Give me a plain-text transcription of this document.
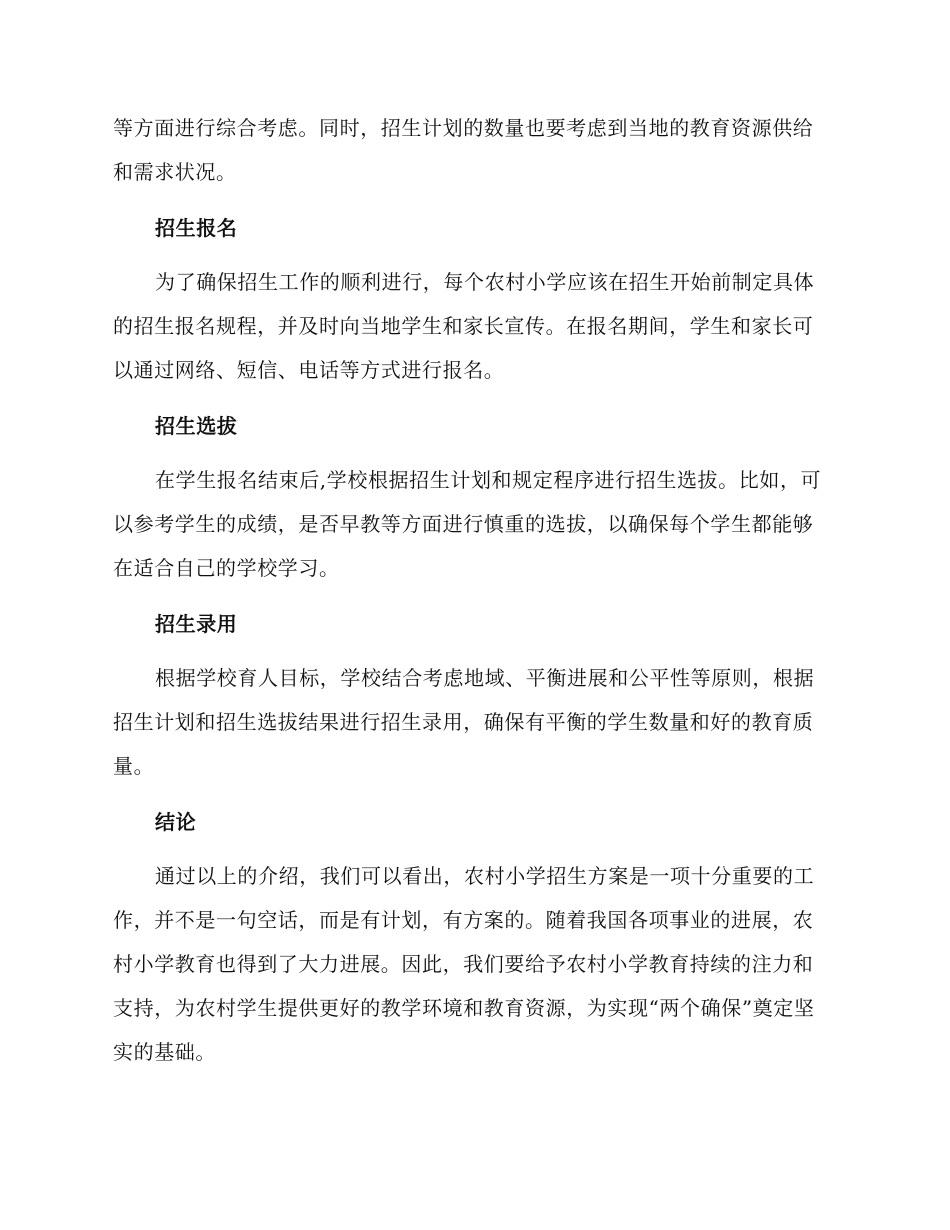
等方面进行综合考虑。同时，招生计划的数量也要考虑到当地的教育资源供给和需求状况。

招生报名

为了确保招生工作的顺利进行，每个农村小学应该在招生开始前制定具体的招生报名规程，并及时向当地学生和家长宣传。在报名期间，学生和家长可以通过网络、短信、电话等方式进行报名。

招生选拔

在学生报名结束后,学校根据招生计划和规定程序进行招生选拔。比如，可以参考学生的成绩，是否早教等方面进行慎重的选拔，以确保每个学生都能够在适合自己的学校学习。

招生录用

根据学校育人目标，学校结合考虑地域、平衡进展和公平性等原则，根据招生计划和招生选拔结果进行招生录用，确保有平衡的学生数量和好的教育质量。

结论

通过以上的介绍，我们可以看出，农村小学招生方案是一项十分重要的工作，并不是一句空话，而是有计划，有方案的。随着我国各项事业的进展，农村小学教育也得到了大力进展。因此，我们要给予农村小学教育持续的注力和支持，为农村学生提供更好的教学环境和教育资源，为实现“两个确保”奠定坚实的基础。
